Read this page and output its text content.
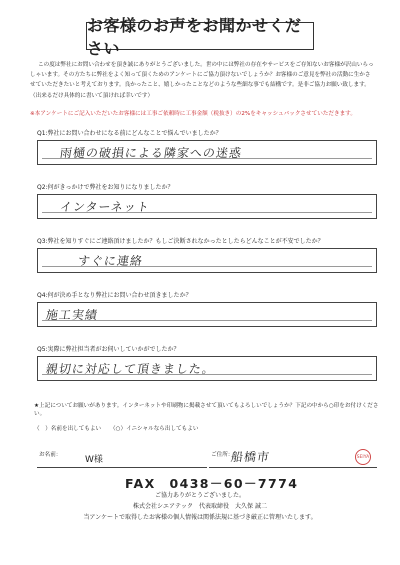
お客様のお声をお聞かせください
この度は弊社にお問い合わせを頂き誠にありがとうございました。世の中には弊社の存在やサービスをご存知ないお客様が沢山いらっしゃいます。その方たちに弊社をよく知って頂くためのアンケートにご協力頂けないでしょうか？お客様のご意見を弊社の活動に生かさせていただきたいと考えております。良かったこと、嬉しかったことなどのような些細な事でも結構です。是非ご協力お願い致します。（出来るだけ具体的に書いて頂ければ幸いです）
※本アンケートにご記入いただいたお客様には工事ご依頼時に工事金額（税抜き）の2%をキャッシュバックさせていただきます。
Q1:弊社にお問い合わせになる前にどんなことで悩んでいましたか？
雨樋の破損による隣家への迷惑
Q2:何がきっかけで弊社をお知りになりましたか？
インターネット
Q3:弊社を知りすぐにご連絡頂けましたか？もしご決断されなかったとしたらどんなことが不安でしたか？
すぐに連絡
Q4:何が決め手となり弊社にお問い合わせ頂きましたか？
施工実績
Q5:実際に弊社担当者がお伺いしていかがでしたか？
親切に対応して頂きました。
★上記についてお願いがあります。インターネットや印刷物に掲載させて頂いてもよろしいでしょうか？下記の中から○印をお付けください。
（　）名前を出してもよい （○）イニシャルなら出してもよい
お名前：	W様	ご住所：
船橋市	SEIYA
FAX　0438－60－7774
ご協力ありがとうございました。
株式会社シエアテック　代表取締役　大久保 誠二
当アンケートで取得したお客様の個人情報は関係法規に基づき厳正に管理いたします。
